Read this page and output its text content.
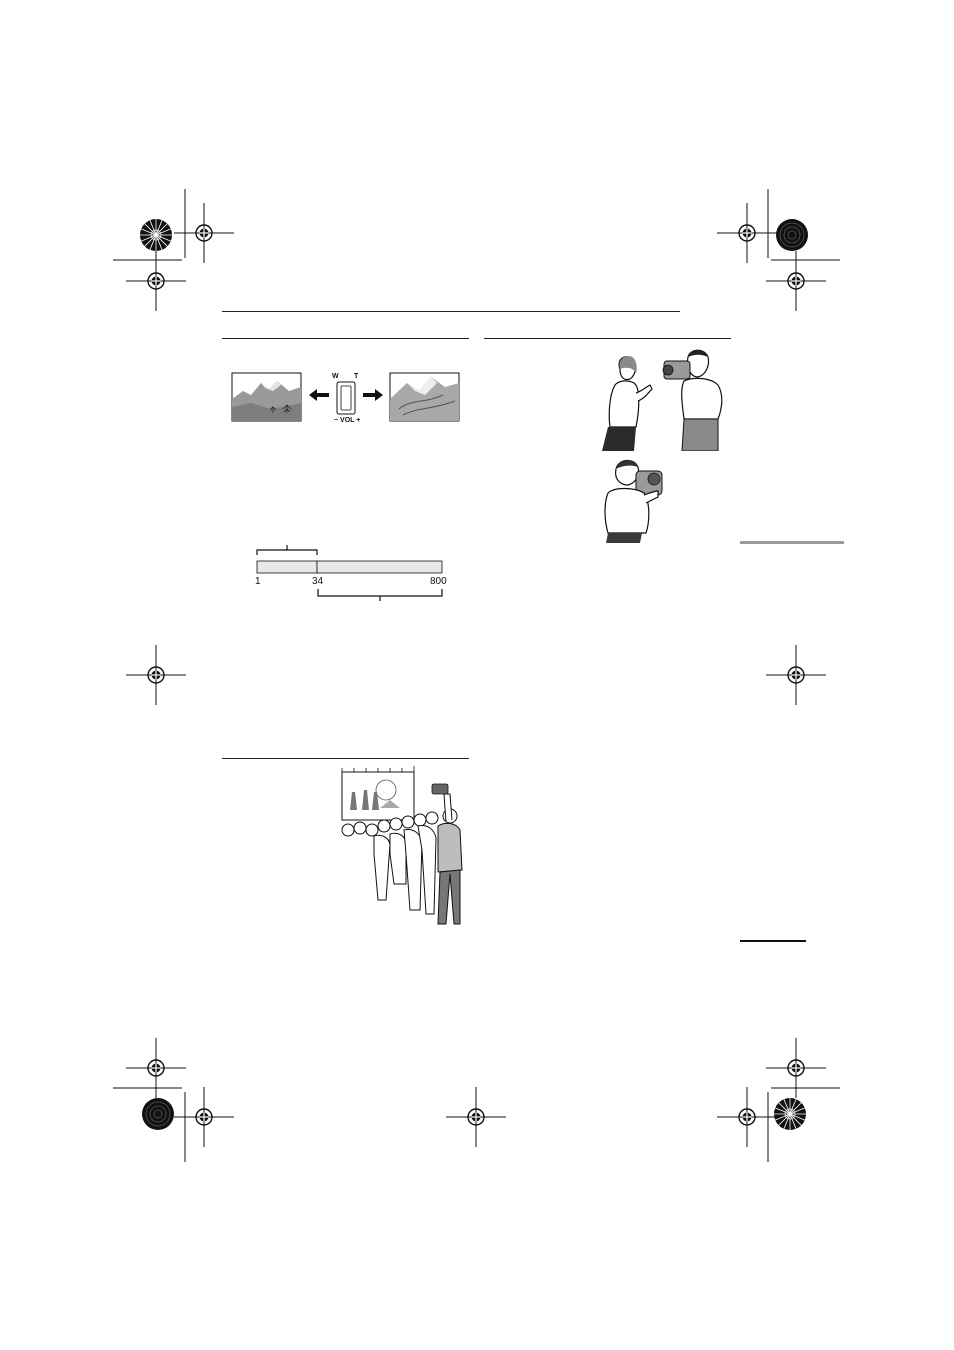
W T
− VOL +
1	34	800
